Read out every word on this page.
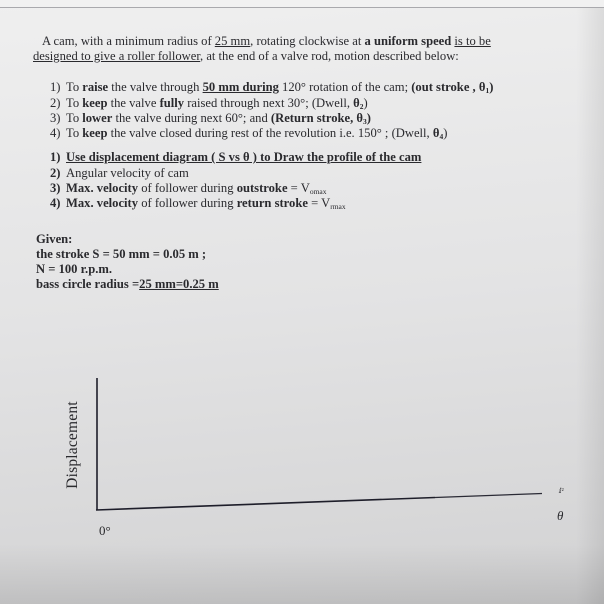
A cam, with a minimum radius of 25 mm, rotating clockwise at a uniform speed is to be
designed to give a roller follower, at the end of a valve rod, motion described below:
1) To raise the valve through 50 mm during 120° rotation of the cam; (out stroke , $\theta_1$)
2) To keep the valve fully raised through next 30°; (Dwell, $\theta_2$)
3) To lower the valve during next 60°; and (Return stroke, $\theta_3$)
4) To keep the valve closed during rest of the revolution i.e. 150° ; (Dwell, $\theta_4$)
1) Use displacement diagram ( S vs θ ) to Draw the profile of the cam
2) Angular velocity of cam
3) Max. velocity of follower during outstroke = $V_{omax}$
4) Max. velocity of follower during return stroke = $V_{rmax}$
Given:
the stroke S = 50 mm = 0.05 m ;
N = 100 r.p.m.
bass circle radius =25 mm=0.25 m
Displacement
0°
θ
ⅈ²
